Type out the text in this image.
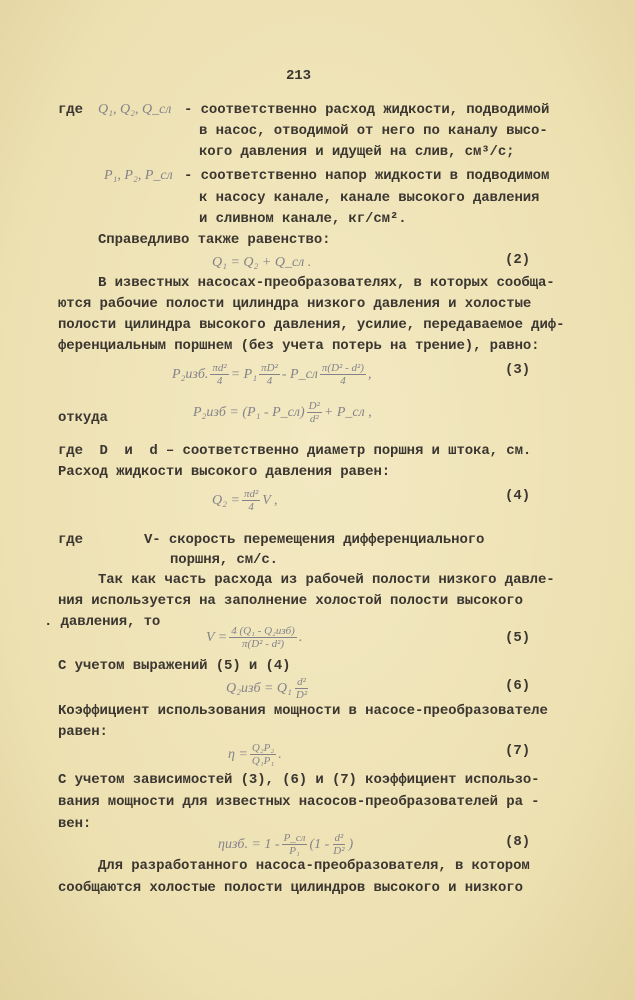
213
где Q₁, Q₂, Q_сл - соответственно расход жидкости, подводимой
в насос, отводимой от него по каналу высо-
кого давления и идущей на слив, см³/с;
P₁, P₂, P_сл - соответственно напор жидкости в подводимом
к насосу канале, канале высокого давления
и сливном канале, кг/см².
Справедливо также равенство:
Q₁ = Q₂ + Q_сл .	(2)
В известных насосах-преобразователях, в которых сообща-
ются рабочие полости цилиндра низкого давления и холостые
полости цилиндра высокого давления, усилие, передаваемое диф-
ференциальным поршнем (без учета потерь на трение), равно:
P₂изб. $\frac{\text{πd²}}{4} = P_1 \frac{\text{πD²}}{4}$ - P_сл $\frac{\text{π(D² - d²)}}{4}$ ,	(3)
откуда	P₂изб = (P₁ - P_сл) $\frac{\text{D²}}{\text{d²}}$ + P_сл ,
где  D  и  d – соответственно диаметр поршня и штока, см.
Расход жидкости высокого давления равен:
$Q_2 = \frac{\text{πd²}}{4}$ V ,	(4)
где	V- скорость перемещения дифференциального
поршня, см/с.
Так как часть расхода из рабочей полости низкого давле-
ния используется на заполнение холостой полости высокого
. давления, то
$V = \frac{\text{4 (Q₁ - Q₂изб)}}{\text{π(D² - d²)}}$ .	(5)
С учетом выражений (5) и (4)
$Q_2изб = Q_1 \frac{\text{d²}}{\text{D²}}$	(6)
Коэффициент использования мощности в насосе-преобразователе
равен:
$\eta = \frac{\text{Q₂P₂}}{\text{Q₁P₁}}$ .	(7)
С учетом зависимостей (3), (6) и (7) коэффициент использо-
вания мощности для известных насосов-преобразователей ра -
вен:
ηизб. = $1 - \frac{P\_сл}{\text{P₁}} (1 - \frac{\text{d²}}{\text{D²}}$ )	(8)
Для разработанного насоса-преобразователя, в котором
сообщаются холостые полости цилиндров высокого и низкого
